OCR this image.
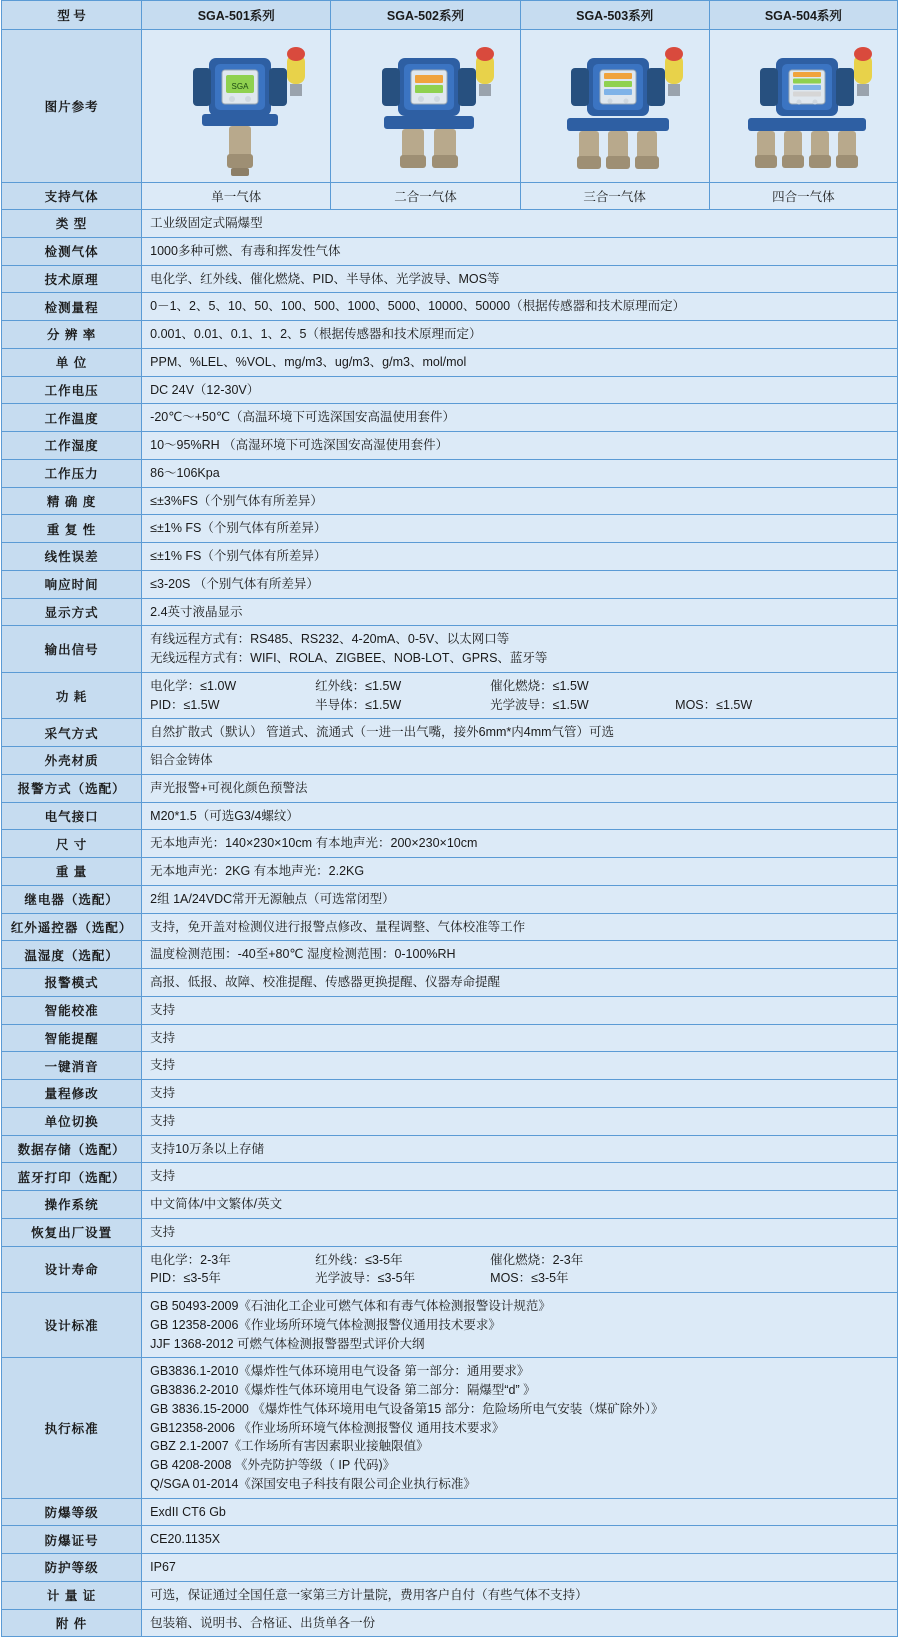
型 号	SGA-501系列	SGA-502系列	SGA-503系列	SGA-504系列
图片参考	SGA

支持气体	单一气体	二合一气体	三合一气体	四合一气体
类 型	工业级固定式隔爆型			

检测气体	1000多种可燃、有毒和挥发性气体			

技术原理	电化学、红外线、催化燃烧、PID、半导体、光学波导、MOS等			

检测量程	0－1、2、5、10、50、100、500、1000、5000、10000、50000（根据传感器和技术原理而定）			

分 辨 率	0.001、0.01、0.1、1、2、5（根据传感器和技术原理而定）			

单 位	PPM、%LEL、%VOL、mg/m3、ug/m3、g/m3、mol/mol			

工作电压	DC 24V（12-30V）			

工作温度	-20℃～+50℃（高温环境下可选深国安高温使用套件）			

工作湿度	10～95%RH （高湿环境下可选深国安高湿使用套件）			

工作压力	86～106Kpa			

精 确 度	≤±3%FS（个别气体有所差异）			

重 复 性	≤±1% FS（个别气体有所差异）			

线性误差	≤±1% FS（个别气体有所差异）			

响应时间	≤3-20S （个别气体有所差异）			

显示方式	2.4英寸液晶显示			

输出信号	有线远程方式有：RS485、RS232、4-20mA、0-5V、以太网口等
无线远程方式有：WIFI、ROLA、ZIGBEE、NOB-LOT、GPRS、蓝牙等			

功 耗	电化学：≤1.0W 红外线：≤1.5W 催化燃烧：≤1.5W
PID：≤1.5W 半导体：≤1.5W 光学波导：≤1.5W MOS：≤1.5W			

采气方式	自然扩散式（默认） 管道式、流通式（一进一出气嘴，接外6mm*内4mm气管）可选			

外壳材质	铝合金铸体			

报警方式（选配）	声光报警+可视化颜色预警法			

电气接口	M20*1.5（可选G3/4螺纹）			

尺 寸	无本地声光：140×230×10cm 有本地声光：200×230×10cm			

重 量	无本地声光：2KG 有本地声光：2.2KG			

继电器（选配）	2组 1A/24VDC常开无源触点（可选常闭型）			

红外遥控器（选配）	支持，免开盖对检测仪进行报警点修改、量程调整、气体校准等工作			

温湿度（选配）	温度检测范围：-40至+80℃ 湿度检测范围：0-100%RH			

报警模式	高报、低报、故障、校准提醒、传感器更换提醒、仪器寿命提醒			

智能校准	支持			

智能提醒	支持			

一键消音	支持			

量程修改	支持			

单位切换	支持			

数据存储（选配）	支持10万条以上存储			

蓝牙打印（选配）	支持			

操作系统	中文简体/中文繁体/英文			

恢复出厂设置	支持			

设计寿命	电化学：2-3年 红外线：≤3-5年 催化燃烧：2-3年
PID：≤3-5年 光学波导：≤3-5年 MOS：≤3-5年			

设计标准	GB 50493-2009《石油化工企业可燃气体和有毒气体检测报警设计规范》
GB 12358-2006《作业场所环境气体检测报警仪通用技术要求》
JJF 1368-2012 可燃气体检测报警器型式评价大纲			

执行标准	
GB3836.1-2010《爆炸性气体环境用电气设备 第一部分：通用要求》
GB3836.2-2010《爆炸性气体环境用电气设备 第二部分：隔爆型“d” 》
GB 3836.15-2000 《爆炸性气体环境用电气设备第15 部分：危险场所电气安装（煤矿除外）》
GB12358-2006 《作业场所环境气体检测报警仪 通用技术要求》
GBZ 2.1-2007《工作场所有害因素职业接触限值》
GB 4208-2008 《外壳防护等级（ IP 代码)》
Q/SGA 01-2014《深国安电子科技有限公司企业执行标准》

防爆等级	ExdII CT6 Gb			

防爆证号	CE20.1135X			

防护等级	IP67			

计 量 证	可选，保证通过全国任意一家第三方计量院，费用客户自付（有些气体不支持）			

附 件	包装箱、说明书、合格证、出货单各一份			
